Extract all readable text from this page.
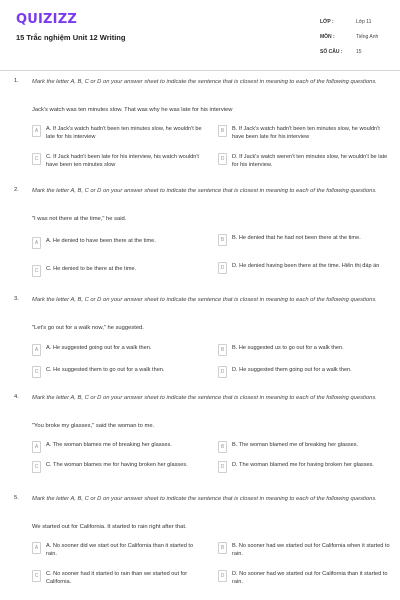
QUIZIZZ
15 Trắc nghiệm Unit 12 Writing
LỚP :	Lớp 11
MÔN :	Tiếng Anh
SỐ CÂU :	15
1. Mark the letter A, B, C or D on your answer sheet to indicate the sentence that is closest in meaning to each of the following questions.
Jack's watch was ten minutes slow. That was why he was late for his interview
A	A. If Jack's watch hadn't been ten minutes slow, he wouldn't be late for his interview
B	B. If Jack's watch hadn't been ten minutes slow, he wouldn't have been late for his interview
C	C. If Jack hadn't been late for his interview, his watch wouldn't have been ten minutes slow
D	D. If Jack's watch weren't ten minutes slow, he wouldn't be late for his interview.
2. Mark the letter A, B, C or D on your answer sheet to indicate the sentence that is closest in meaning to each of the following questions.
"I was not there at the time," he said.
A	A. He denied to have been there at the time.	B	B. He denied that he had not been there at the time.
C	C. He denied to be there at the time.	D	D. He denied having been there at the time. Hiển thị đáp án
3. Mark the letter A, B, C or D on your answer sheet to indicate the sentence that is closest in meaning to each of the following questions.
"Let's go out for a walk now," he suggested.
A	A. He suggested going out for a walk then.	B	B. He suggested us to go out for a walk then.
C	C. He suggested them to go out for a walk then.	D	D. He suggested them going out for a walk then.
4. Mark the letter A, B, C or D on your answer sheet to indicate the sentence that is closest in meaning to each of the following questions.
"You broke my glasses," said the woman to me.
A	A. The woman blames me of breaking her glasses.	B	B. The woman blamed me of breaking her glasses.
C	C. The woman blames me for having broken her glasses.	D	D. The woman blamed me for having broken her glasses.
5. Mark the letter A, B, C or D on your answer sheet to indicate the sentence that is closest in meaning to each of the following questions.
We started out for California. It started to rain right after that.
A	A. No sooner did we start out for California than it started to rain.
B	B. No sooner had we started out for California when it started to rain.
C	C. No sooner had it started to rain than we started out for California.
D	D. No sooner had we started out for California than it started to rain.
